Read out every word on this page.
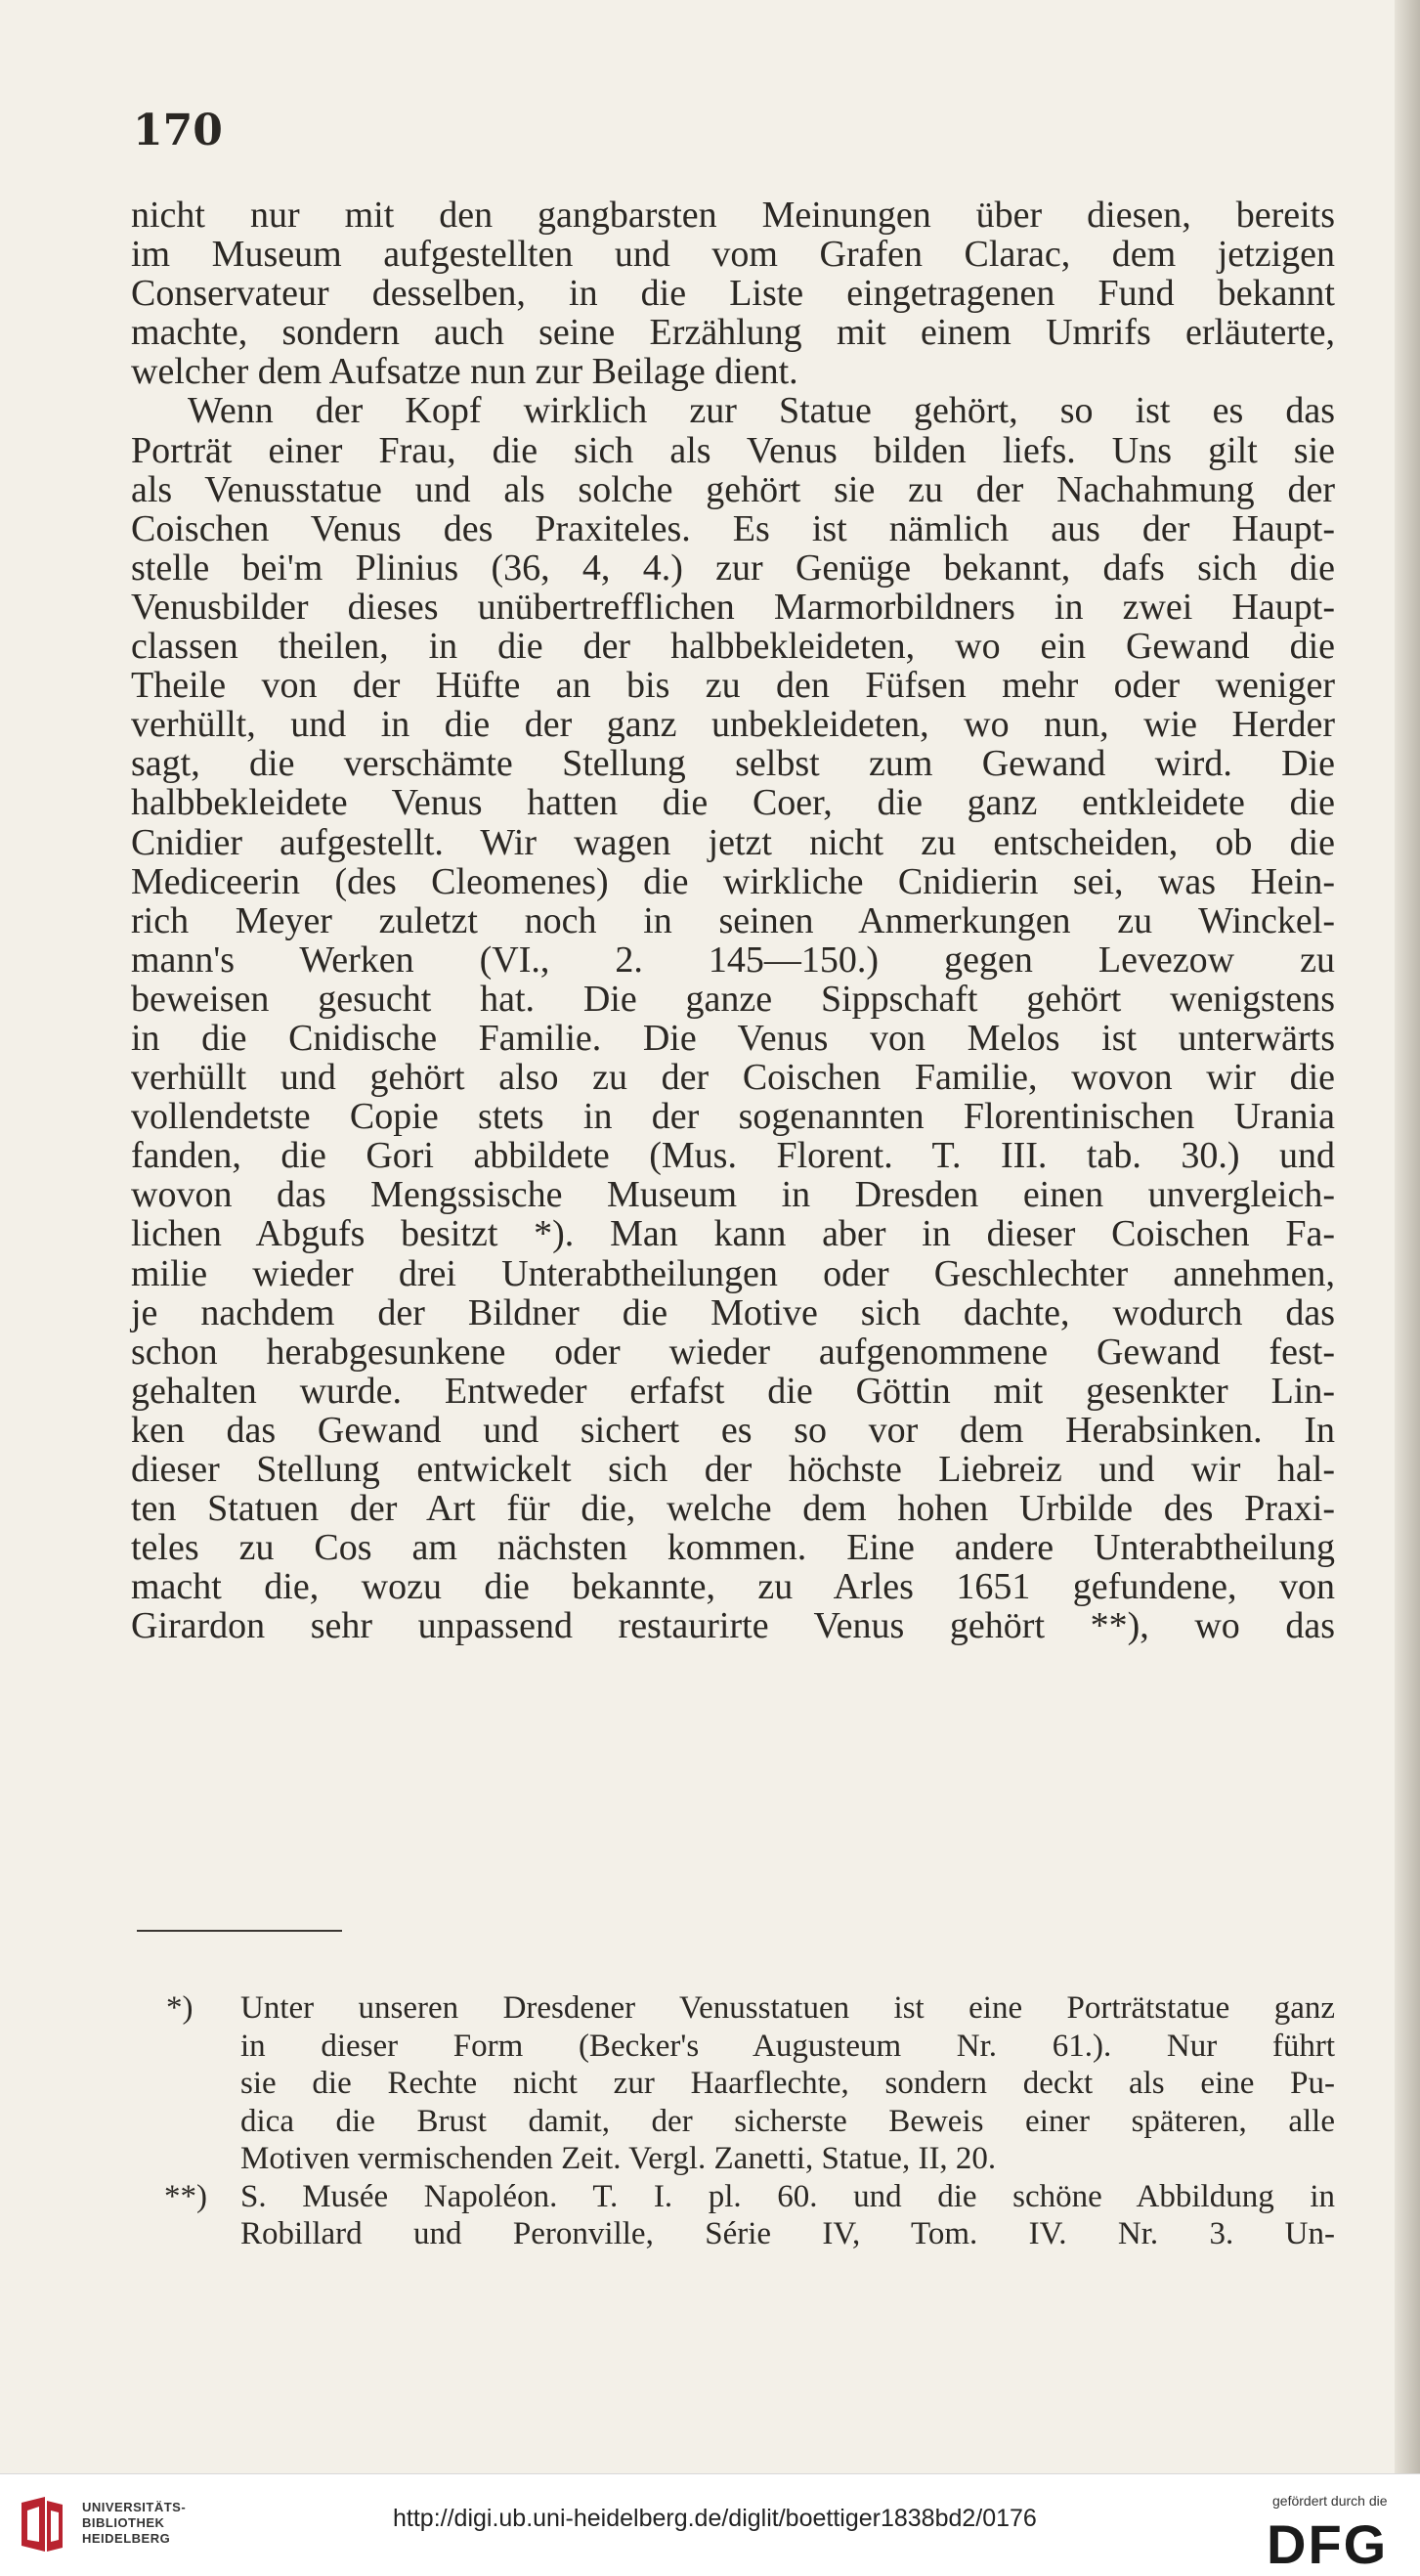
170
nicht nur mit den gangbarsten Meinungen über diesen, bereits
im Museum aufgestellten und vom Grafen Clarac, dem jetzigen
Conservateur desselben, in die Liste eingetragenen Fund bekannt
machte, sondern auch seine Erzählung mit einem Umrifs erläuterte,
welcher dem Aufsatze nun zur Beilage dient.
Wenn der Kopf wirklich zur Statue gehört, so ist es das
Porträt einer Frau, die sich als Venus bilden liefs. Uns gilt sie
als Venusstatue und als solche gehört sie zu der Nachahmung der
Coischen Venus des Praxiteles. Es ist nämlich aus der Haupt-
stelle bei'm Plinius (36, 4, 4.) zur Genüge bekannt, dafs sich die
Venusbilder dieses unübertrefflichen Marmorbildners in zwei Haupt-
classen theilen, in die der halbbekleideten, wo ein Gewand die
Theile von der Hüfte an bis zu den Füfsen mehr oder weniger
verhüllt, und in die der ganz unbekleideten, wo nun, wie Herder
sagt, die verschämte Stellung selbst zum Gewand wird. Die
halbbekleidete Venus hatten die Coer, die ganz entkleidete die
Cnidier aufgestellt. Wir wagen jetzt nicht zu entscheiden, ob die
Mediceerin (des Cleomenes) die wirkliche Cnidierin sei, was Hein-
rich Meyer zuletzt noch in seinen Anmerkungen zu Winckel-
mann's Werken (VI., 2. 145—150.) gegen Levezow zu
beweisen gesucht hat. Die ganze Sippschaft gehört wenigstens
in die Cnidische Familie. Die Venus von Melos ist unterwärts
verhüllt und gehört also zu der Coischen Familie, wovon wir die
vollendetste Copie stets in der sogenannten Florentinischen Urania
fanden, die Gori abbildete (Mus. Florent. T. III. tab. 30.) und
wovon das Mengssische Museum in Dresden einen unvergleich-
lichen Abgufs besitzt *). Man kann aber in dieser Coischen Fa-
milie wieder drei Unterabtheilungen oder Geschlechter annehmen,
je nachdem der Bildner die Motive sich dachte, wodurch das
schon herabgesunkene oder wieder aufgenommene Gewand fest-
gehalten wurde. Entweder erfafst die Göttin mit gesenkter Lin-
ken das Gewand und sichert es so vor dem Herabsinken. In
dieser Stellung entwickelt sich der höchste Liebreiz und wir hal-
ten Statuen der Art für die, welche dem hohen Urbilde des Praxi-
teles zu Cos am nächsten kommen. Eine andere Unterabtheilung
macht die, wozu die bekannte, zu Arles 1651 gefundene, von
Girardon sehr unpassend restaurirte Venus gehört **), wo das
Unter unseren Dresdener Venusstatuen ist eine Porträtstatue ganz
*)
in dieser Form (Becker's Augusteum Nr. 61.). Nur führt
sie die Rechte nicht zur Haarflechte, sondern deckt als eine Pu-
dica die Brust damit, der sicherste Beweis einer späteren, alle
Motiven vermischenden Zeit. Vergl. Zanetti, Statue, II, 20.
S. Musée Napoléon. T. I. pl. 60. und die schöne Abbildung in
**)
Robillard und Peronville, Série IV, Tom. IV. Nr. 3. Un-
UNIVERSITÄTS-
BIBLIOTHEK
HEIDELBERG
http://digi.ub.uni-heidelberg.de/diglit/boettiger1838bd2/0176
gefördert durch die
DFG
